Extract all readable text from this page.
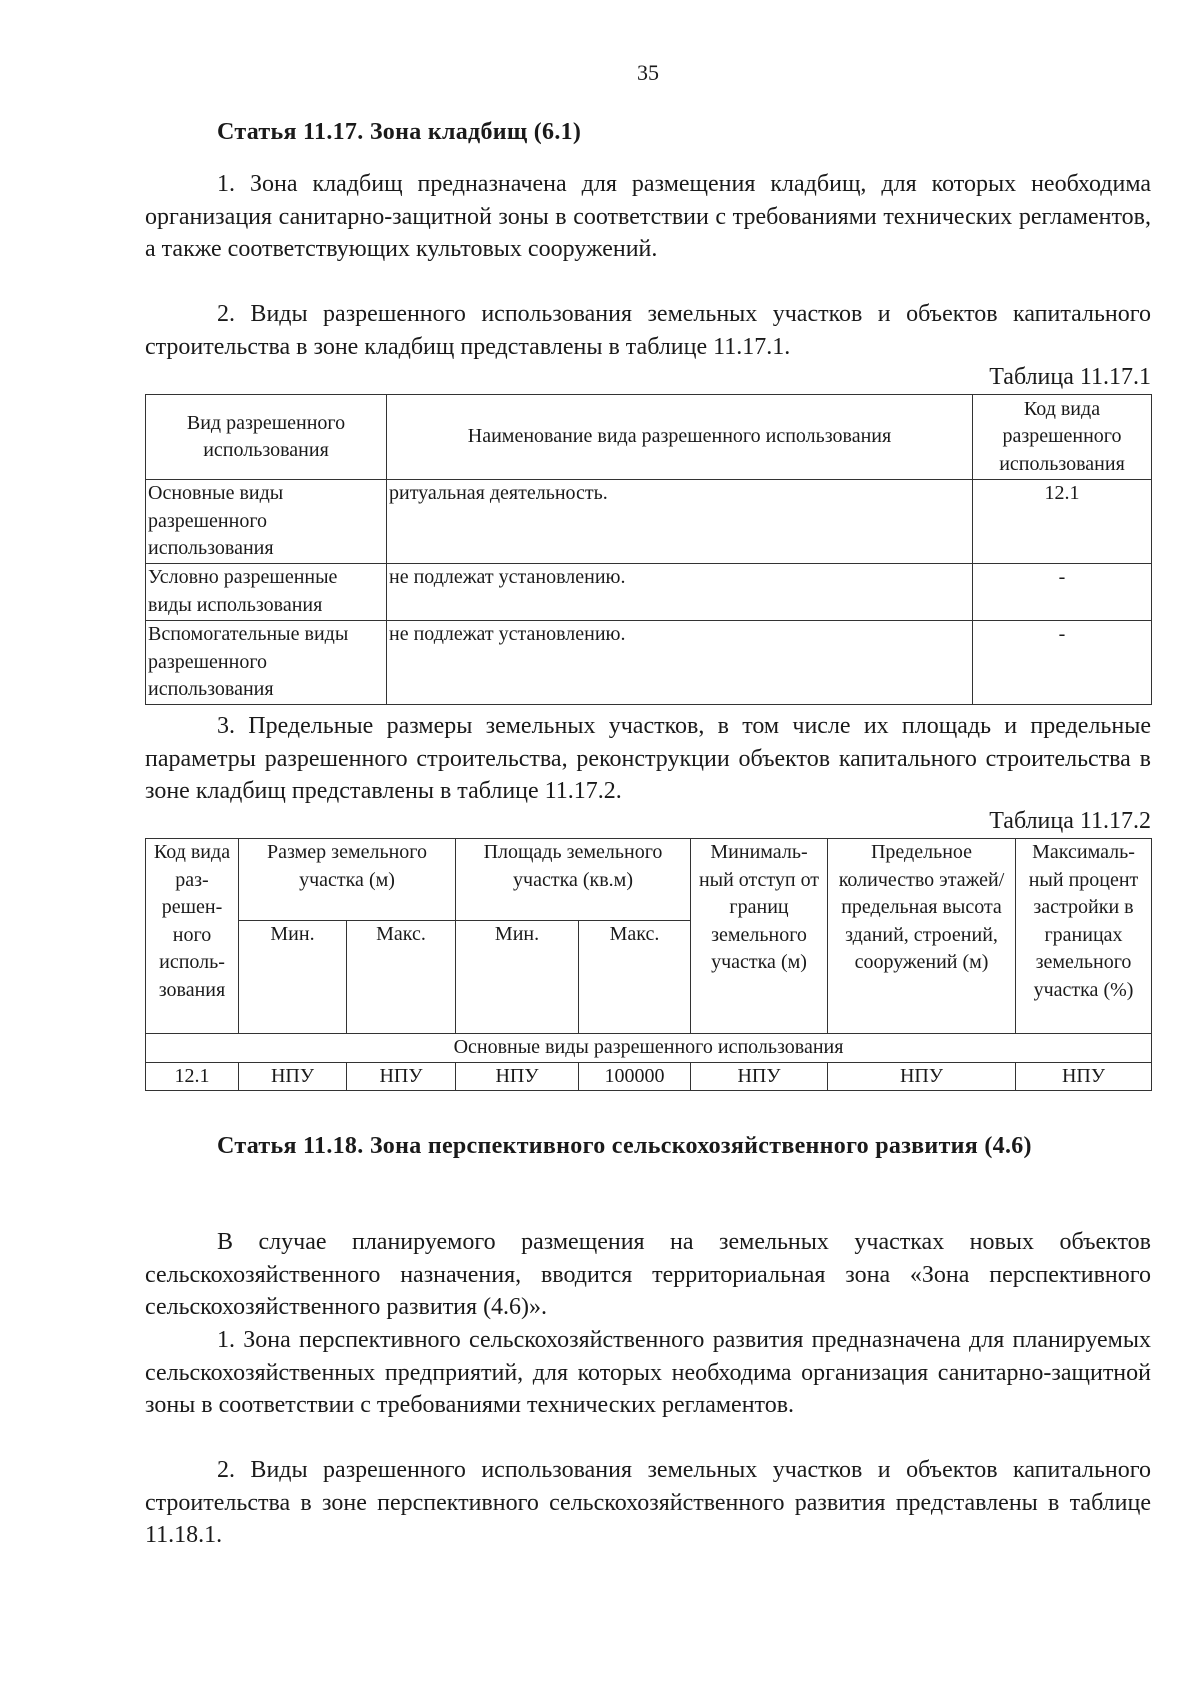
35
Статья 11.17. Зона кладбищ (6.1)

1. Зона кладбищ предназначена для размещения кладбищ, для которых необходима организация санитарно-защитной зоны в соответствии с требованиями технических регламентов, а также соответствующих культовых сооружений.

2. Виды разрешенного использования земельных участков и объектов капитального строительства в зоне кладбищ представлены в таблице 11.17.1.

Таблица 11.17.1
Вид разрешенного использования	Наименование вида разрешенного использования	Код вида разрешенного использования
Основные виды разрешенного использования	ритуальная деятельность.	12.1
Условно разрешенные виды использования	не подлежат установлению.	-
Вспомогательные виды разрешенного использования	не подлежат установлению.	-

3. Предельные размеры земельных участков, в том числе их площадь и предельные параметры разрешенного строительства, реконструкции объектов капитального строительства в зоне кладбищ представлены в таблице 11.17.2.

Таблица 11.17.2
Код вида раз-решен-ного исполь-зования	Размер земельного участка (м)		Площадь земельного участка (кв.м)		Минималь-ный отступ от границ земельного участка (м)	Предельное количество этажей/ предельная высота зданий, строений, сооружений (м)	Максималь-ный процент застройки в границах земельного участка (%)
	Мин.	Макс.	Мин.	Макс.			
Основные виды разрешенного использования							
12.1	НПУ	НПУ	НПУ	100000	НПУ	НПУ	НПУ
Статья 11.18. Зона перспективного сельскохозяйственного развития (4.6)

В случае планируемого размещения на земельных участках новых объектов сельскохозяйственного назначения, вводится территориальная зона «Зона перспективного сельскохозяйственного развития (4.6)».

1. Зона перспективного сельскохозяйственного развития предназначена для планируемых сельскохозяйственных предприятий, для которых необходима организация санитарно-защитной зоны в соответствии с требованиями технических регламентов.

2. Виды разрешенного использования земельных участков и объектов капитального строительства в зоне перспективного сельскохозяйственного развития представлены в таблице 11.18.1.
